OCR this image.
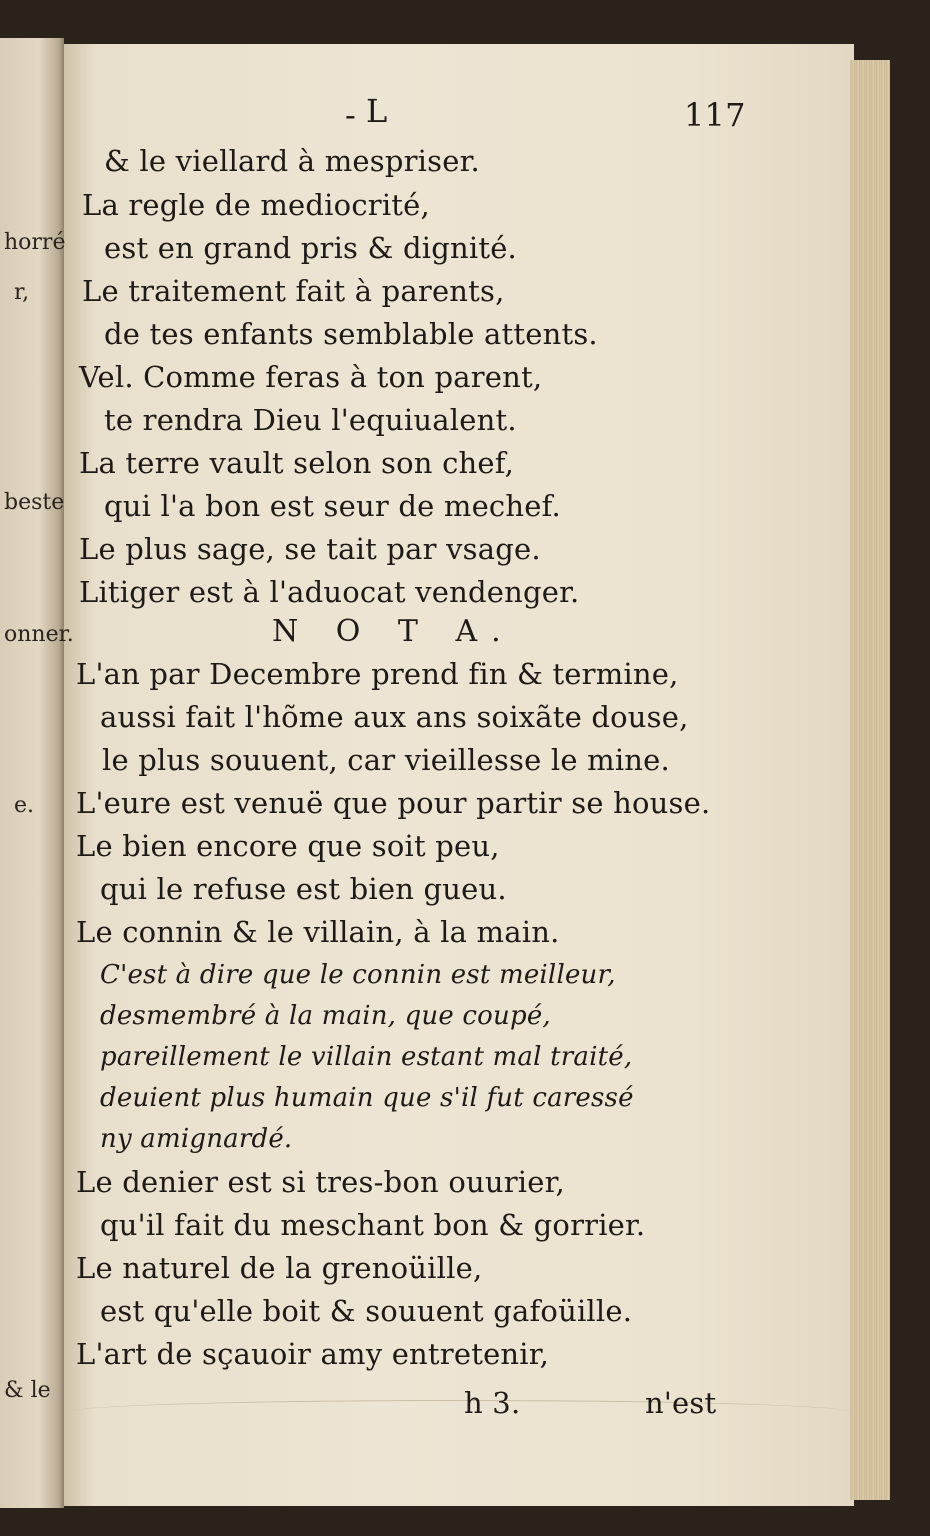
horré
r,
beste
onner.
e.
& le
- L	117
& le viellard à mespriser.
La regle de mediocrité,
est en grand pris & dignité.
Le traitement fait à parents,
de tes enfants semblable attents.
Vel. Comme feras à ton parent,
te rendra Dieu l'equiualent.
La terre vault selon son chef,
qui l'a bon est seur de mechef.
Le plus sage, se tait par vsage.
Litiger est à l'aduocat vendenger.
N O T A.
L'an par Decembre prend fin & termine,
aussi fait l'hõme aux ans soixãte douse,
le plus souuent, car vieillesse le mine.
L'eure est venuë que pour partir se house.
Le bien encore que soit peu,
qui le refuse est bien gueu.
Le connin & le villain, à la main.
C'est à dire que le connin est meilleur,
desmembré à la main, que coupé,
pareillement le villain estant mal traité,
deuient plus humain que s'il fut caressé
ny amignardé.
Le denier est si tres-bon ouurier,
qu'il fait du meschant bon & gorrier.
Le naturel de la grenoüille,
est qu'elle boit & souuent gafoüille.
L'art de sçauoir amy entretenir,
h 3.	n'est
